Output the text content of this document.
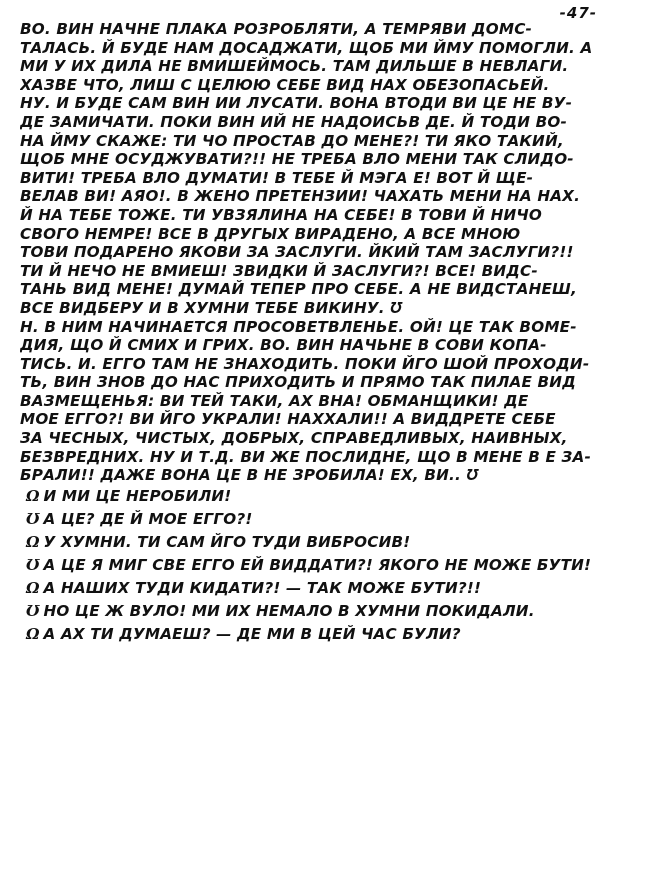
-47-
ВО. ВИН НАЧНЕ ПЛАКА РОЗРОБЛЯТИ, А ТЕМРЯВИ ДОМС-
ТАЛАСЬ. Й БУДЕ НАМ ДОСАДЖАТИ, ЩОБ МИ ЙМУ ПОМОГЛИ. А
МИ У ИХ ДИЛА НЕ ВМИШЕЙМОСЬ. ТАМ ДИЛЬШЕ В НЕВЛАГИ.
ХАЗВЕ ЧТО, ЛИШ С ЦЕЛЮЮ СЕБЕ ВИД НАХ ОБЕЗОПАСЬЕЙ.
НУ. И БУДЕ САМ ВИН ИИ ЛУСАТИ. ВОНА ВТОДИ ВИ ЦЕ НЕ ВУ-
ДЕ ЗАМИЧАТИ. ПОКИ ВИН ИЙ НЕ НАДОИСЬВ ДЕ. Й ТОДИ ВО-
НА ЙМУ СКАЖЕ: ТИ ЧО ПРОСТАВ ДО МЕНЕ?! ТИ ЯКО ТАКИЙ,
ЩОБ МНЕ ОСУДЖУВАТИ?!! НЕ ТРЕБА ВЛО МЕНИ ТАК СЛИДО-
ВИТИ! ТРЕБА ВЛО ДУМАТИ! В ТЕБЕ Й МЭГА Е! ВОТ Й ЩЕ-
ВЕЛАВ ВИ! АЯО!. В ЖЕНО ПРЕТЕНЗИИ! ЧАХАТЬ МЕНИ НА НАХ.
Й НА ТЕБЕ ТОЖЕ. ТИ УВЗЯЛИНА НА СЕБЕ! В ТОВИ Й НИЧО
СВОГО НЕМРЕ! ВСЕ В ДРУГЫХ ВИРАДЕНО, А ВСЕ МНОЮ
ТОВИ ПОДАРЕНО ЯКОВИ ЗА ЗАСЛУГИ. ЙКИЙ ТАМ ЗАСЛУГИ?!!
ТИ Й НЕЧО НЕ ВМИЕШ! ЗВИДКИ Й ЗАСЛУГИ?! ВСЕ! ВИДС-
ТАНЬ ВИД МЕНЕ! ДУМАЙ ТЕПЕР ПРО СЕБЕ. А НЕ ВИДСТАНЕШ,
ВСЕ ВИДБЕРУ И В ХУМНИ ТЕБЕ ВИКИНУ. Ʊ
Н. В НИМ НАЧИНАЕТСЯ ПРОСОВЕТВЛЕНЬЕ. ОЙ! ЦЕ ТАК ВОМЕ-
ДИЯ, ЩО Й СМИХ И ГРИХ. ВО. ВИН НАЧЬНЕ В СОВИ КОПА-
ТИСЬ. И. ЕГГО ТАМ НЕ ЗНАХОДИТЬ. ПОКИ ЙГО ШОЙ ПРОХОДИ-
ТЬ, ВИН ЗНОВ ДО НАС ПРИХОДИТЬ И ПРЯМО ТАК ПИЛАЕ ВИД
ВАЗМЕЩЕНЬЯ: ВИ ТЕЙ ТАКИ, АХ ВНА! ОБМАНЩИКИ! ДЕ
МОЕ ЕГГО?! ВИ ЙГО УКРАЛИ! НАХХАЛИ!! А ВИДДРЕТЕ СЕБЕ
ЗА ЧЕСНЫХ, ЧИСТЫХ, ДОБРЫХ, СПРАВЕДЛИВЫХ, НАИВНЫХ,
БЕЗВРЕДНИХ. НУ И Т.Д. ВИ ЖЕ ПОСЛИДНЕ, ЩО В МЕНЕ В Е ЗА-
БРАЛИ!! ДАЖЕ ВОНА ЦЕ В НЕ ЗРОБИЛА! ЕХ, ВИ.. Ʊ
Ω И МИ ЦЕ НЕРОБИЛИ!
Ʊ А ЦЕ? ДЕ Й МОЕ ЕГГО?!
Ω У ХУМНИ. ТИ САМ ЙГО ТУДИ ВИБРОСИВ!
Ʊ А ЦЕ Я МИГ СВЕ ЕГГО ЕЙ ВИДДАТИ?! ЯКОГО НЕ МОЖЕ БУТИ!
Ω А НАШИХ ТУДИ КИДАТИ?! — ТАК МОЖЕ БУТИ?!!
Ʊ НО ЦЕ Ж ВУЛО! МИ ИХ НЕМАЛО В ХУМНИ ПОКИДАЛИ.
Ω А АХ ТИ ДУМАЕШ? — ДЕ МИ В ЦЕЙ ЧАС БУЛИ?
